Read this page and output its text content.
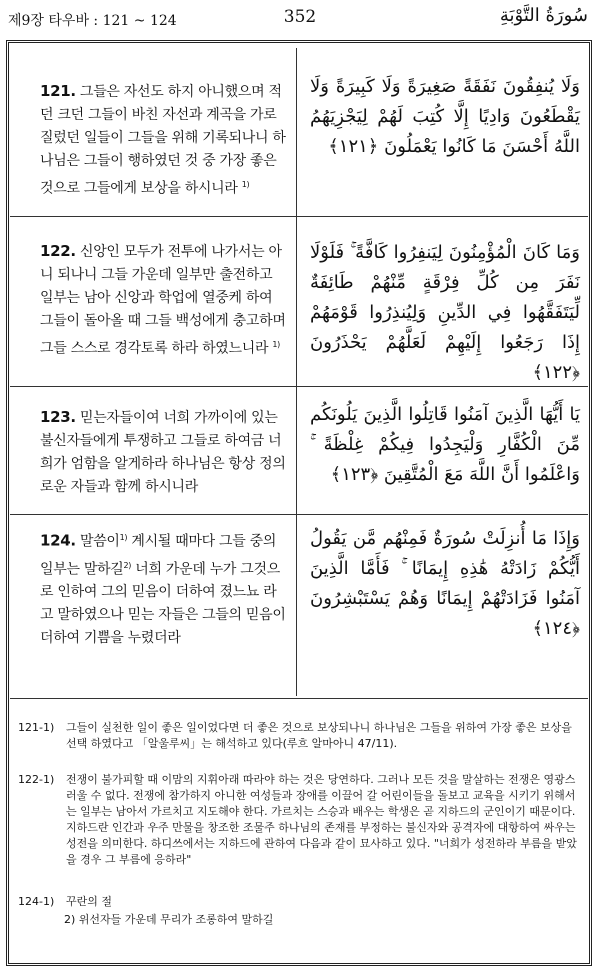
제9장 타우바 : 121 ~ 124	352	سُورَةُ التَّوْبَةِ
121. 그들은 자선도 하지 아니했으며 적던 크던 그들이 바친 자선과 계곡을 가로질렀던 일들이 그들을 위해 기록되나니 하나님은 그들이 행하였던 것 중 가장 좋은 것으로 그들에게 보상을 하시니라 $^{1)}$
وَلَا يُنفِقُونَ نَفَقَةً صَغِيرَةً وَلَا كَبِيرَةً وَلَا يَقْطَعُونَ وَادِيًا إِلَّا كُتِبَ لَهُمْ لِيَجْزِيَهُمُ اللَّهُ أَحْسَنَ مَا كَانُوا يَعْمَلُونَ ﴿١٢١﴾
122. 신앙인 모두가 전투에 나가서는 아니 되나니 그들 가운데 일부만 출전하고 일부는 남아 신앙과 학업에 열중케 하여 그들이 돌아올 때 그들 백성에게 충고하며 그들 스스로 경각토록 하라 하였느니라 $^{1)}$
وَمَا كَانَ الْمُؤْمِنُونَ لِيَنفِرُوا كَافَّةً ۚ فَلَوْلَا نَفَرَ مِن كُلِّ فِرْقَةٍ مِّنْهُمْ طَائِفَةٌ لِّيَتَفَقَّهُوا فِي الدِّينِ وَلِيُنذِرُوا قَوْمَهُمْ إِذَا رَجَعُوا إِلَيْهِمْ لَعَلَّهُمْ يَحْذَرُونَ ﴿١٢٢﴾
123. 믿는자들이여 너희 가까이에 있는 불신자들에게 투쟁하고 그들로 하여금 너희가 엄함을 알게하라 하나님은 항상 정의로운 자들과 함께 하시니라
يَا أَيُّهَا الَّذِينَ آمَنُوا قَاتِلُوا الَّذِينَ يَلُونَكُم مِّنَ الْكُفَّارِ وَلْيَجِدُوا فِيكُمْ غِلْظَةً ۚ وَاعْلَمُوا أَنَّ اللَّهَ مَعَ الْمُتَّقِينَ ﴿١٢٣﴾
124. 말씀이$^{1)}$ 계시될 때마다 그들 중의 일부는 말하길$^{2)}$ 너희 가운데 누가 그것으로 인하여 그의 믿음이 더하여 졌느뇨 라고 말하였으나 믿는 자들은 그들의 믿음이 더하여 기쁨을 누렸더라
وَإِذَا مَا أُنزِلَتْ سُورَةٌ فَمِنْهُم مَّن يَقُولُ أَيُّكُمْ زَادَتْهُ هَٰذِهِ إِيمَانًا ۚ فَأَمَّا الَّذِينَ آمَنُوا فَزَادَتْهُمْ إِيمَانًا وَهُمْ يَسْتَبْشِرُونَ ﴿١٢٤﴾
121-1)	그들이 실천한 일이 좋은 일이었다면 더 좋은 것으로 보상되나니 하나님은 그들을 위하여 가장 좋은 보상을 선택 하였다고 「알울루씨」는 해석하고 있다(루흐 알마아니 47/11).
122-1)	전쟁이 불가피할 때 이맘의 지휘아래 따라야 하는 것은 당연하다. 그러나 모든 것을 말살하는 전쟁은 영광스러울 수 없다. 전쟁에 참가하지 아니한 여성들과 장애를 이끌어 갈 어린이들을 돌보고 교육을 시키기 위해서는 일부는 남아서 가르치고 지도해야 한다. 가르치는 스승과 배우는 학생은 곧 지하드의 군인이기 때문이다. 지하드란 인간과 우주 만물을 창조한 조물주 하나님의 존재를 부정하는 불신자와 공격자에 대항하여 싸우는 성전을 의미한다. 하디쓰에서는 지하드에 관하여 다음과 같이 묘사하고 있다. "너희가 성전하라 부름을 받았을 경우 그 부름에 응하라"
124-1)	꾸란의 절
2) 위선자들 가운데 무리가 조롱하여 말하길
